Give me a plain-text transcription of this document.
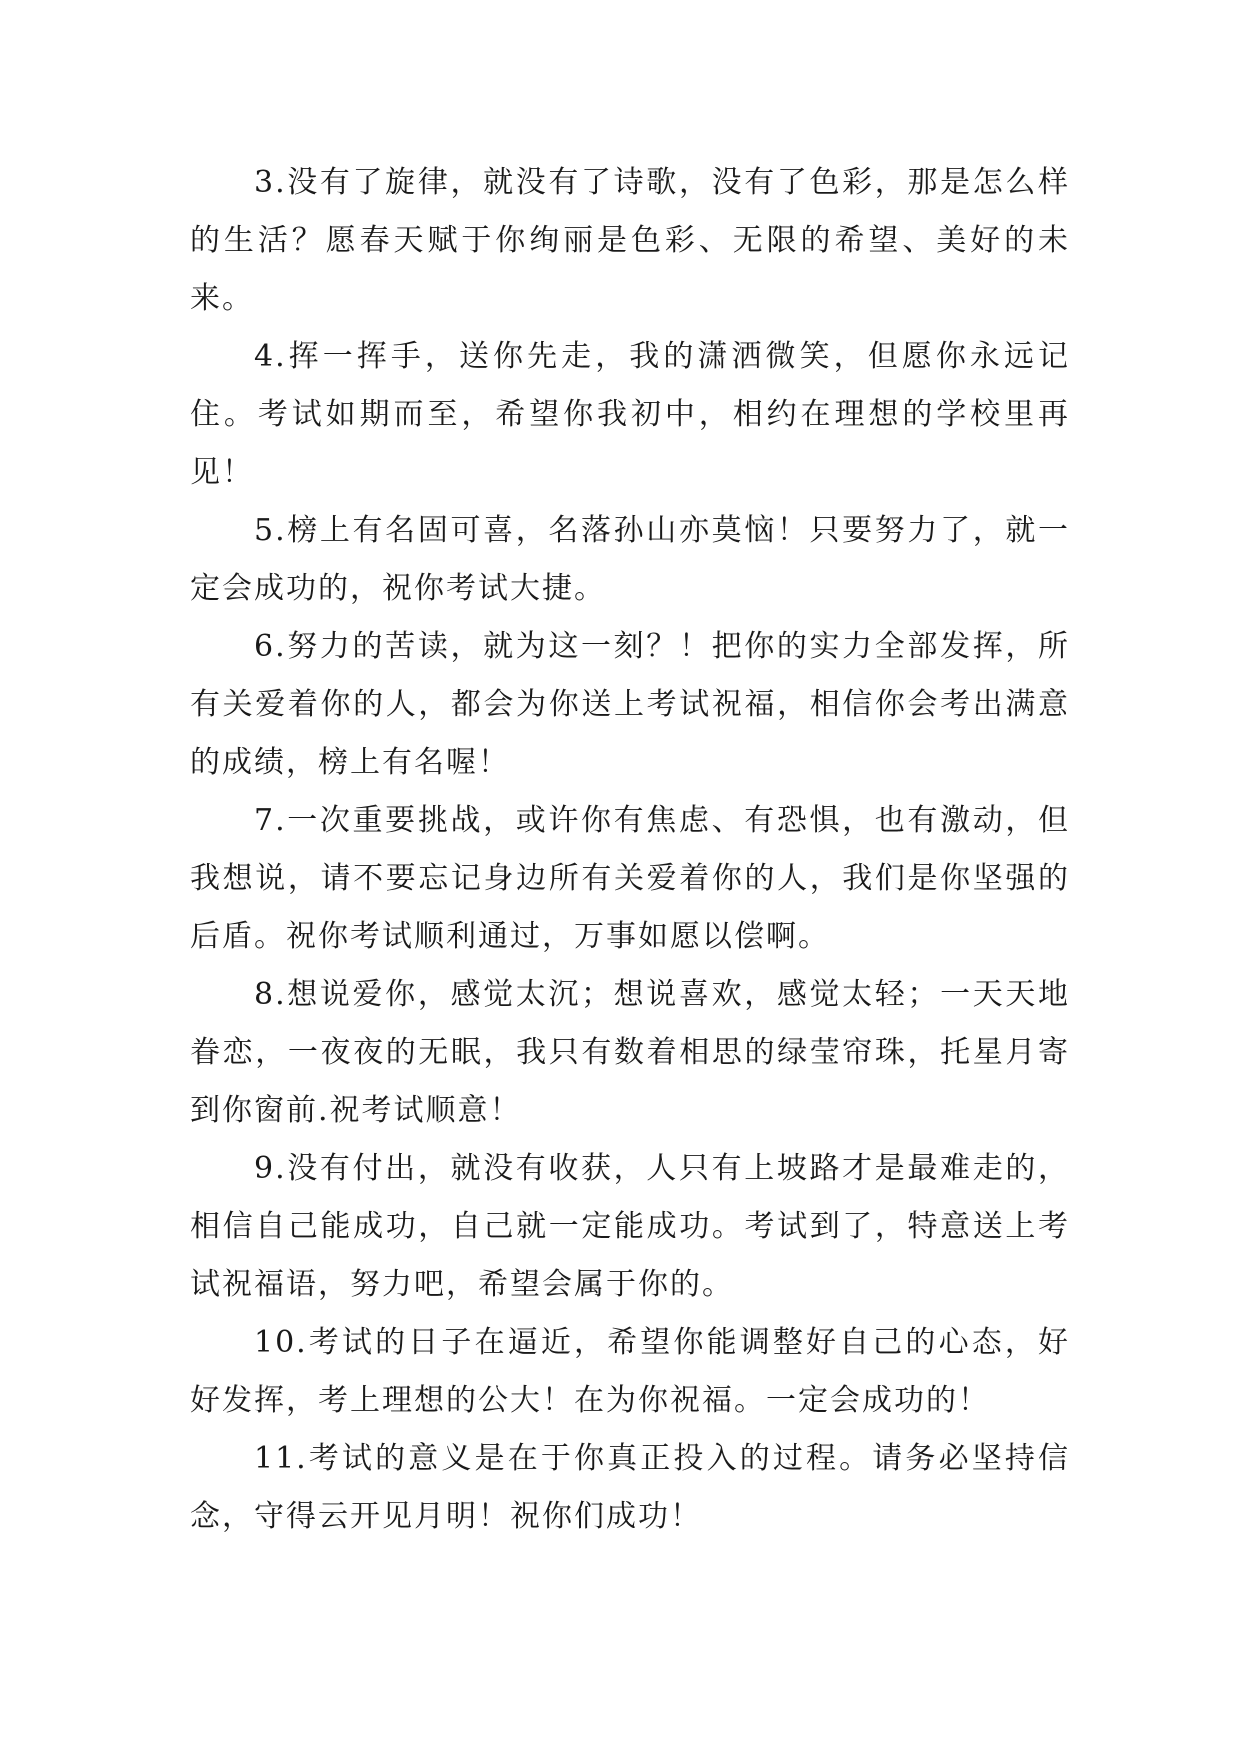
3.没有了旋律，就没有了诗歌，没有了色彩，那是怎么样的生活？愿春天赋于你绚丽是色彩、无限的希望、美好的未来。

4.挥一挥手，送你先走，我的潇洒微笑，但愿你永远记住。考试如期而至，希望你我初中，相约在理想的学校里再见！

5.榜上有名固可喜，名落孙山亦莫恼！只要努力了，就一定会成功的，祝你考试大捷。

6.努力的苦读，就为这一刻？！把你的实力全部发挥，所有关爱着你的人，都会为你送上考试祝福，相信你会考出满意的成绩，榜上有名喔！

7.一次重要挑战，或许你有焦虑、有恐惧，也有激动，但我想说，请不要忘记身边所有关爱着你的人，我们是你坚强的后盾。祝你考试顺利通过，万事如愿以偿啊。

8.想说爱你，感觉太沉；想说喜欢，感觉太轻；一天天地眷恋，一夜夜的无眠，我只有数着相思的绿莹帘珠，托星月寄到你窗前.祝考试顺意！

9.没有付出，就没有收获，人只有上坡路才是最难走的，相信自己能成功，自己就一定能成功。考试到了，特意送上考试祝福语，努力吧，希望会属于你的。

10.考试的日子在逼近，希望你能调整好自己的心态，好好发挥，考上理想的公大！在为你祝福。一定会成功的！

11.考试的意义是在于你真正投入的过程。请务必坚持信念，守得云开见月明！祝你们成功！
